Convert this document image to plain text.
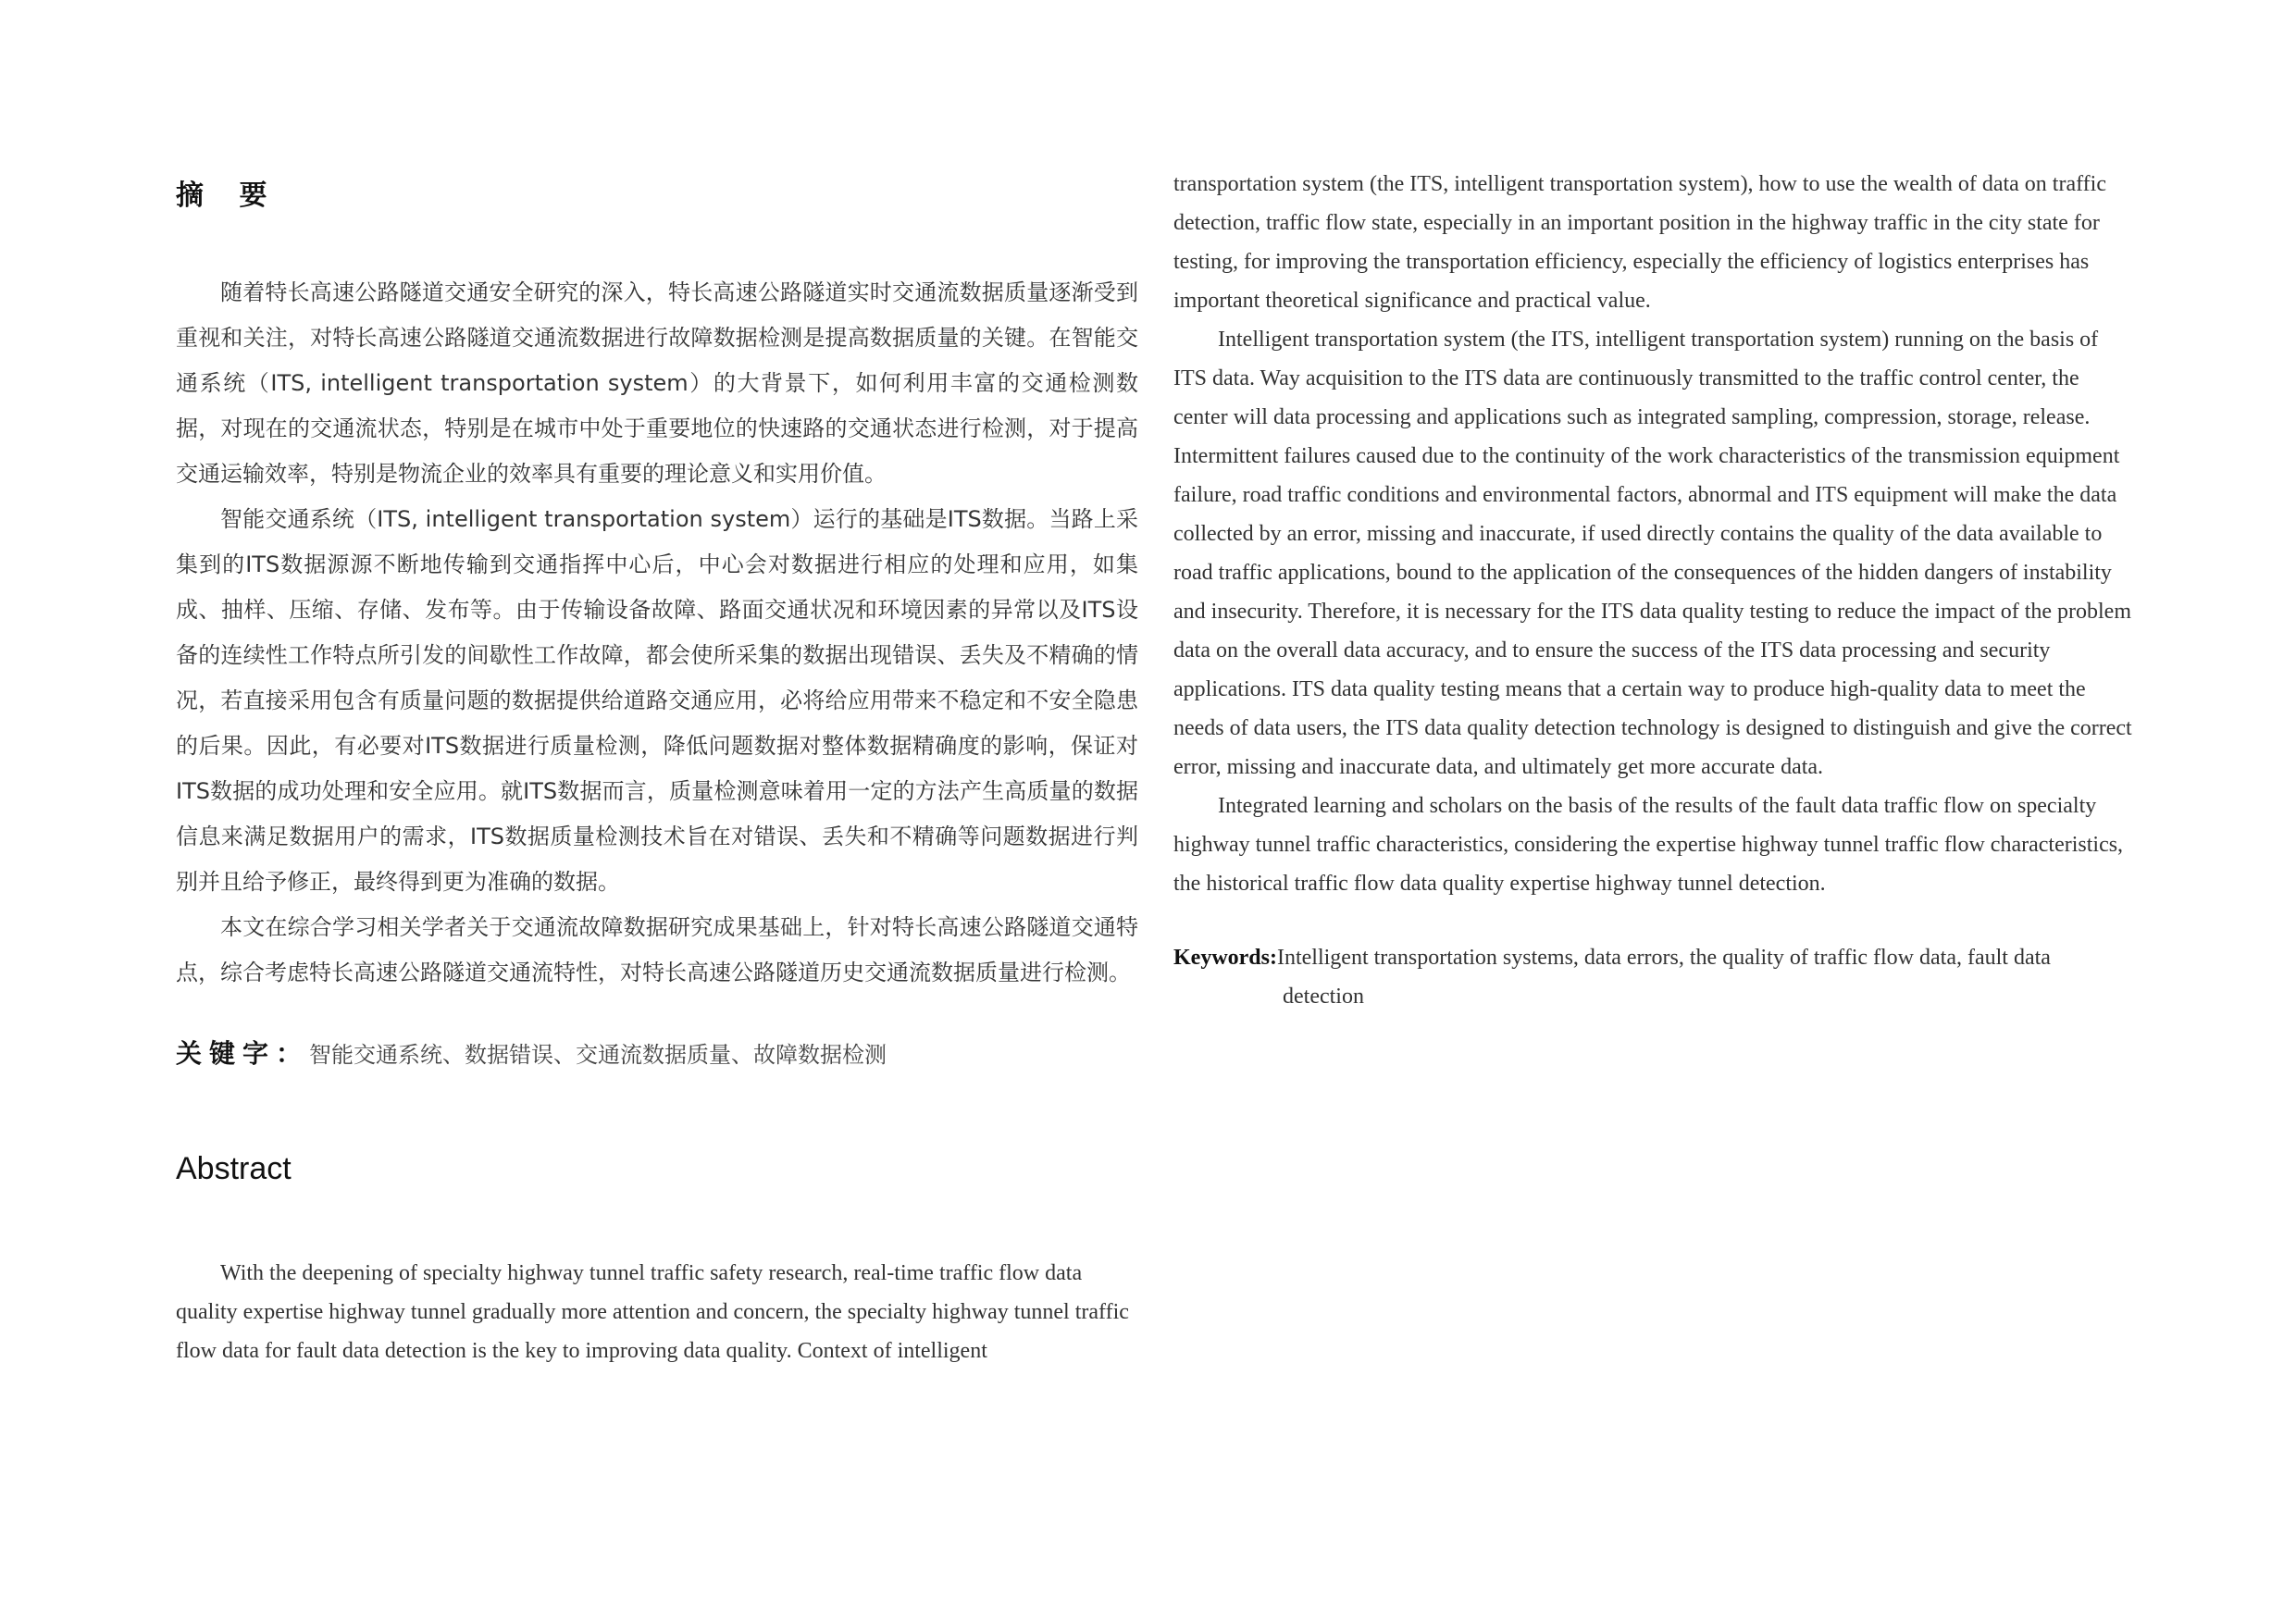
摘 要

随着特长高速公路隧道交通安全研究的深入，特长高速公路隧道实时交通流数据质量逐渐受到重视和关注，对特长高速公路隧道交通流数据进行故障数据检测是提高数据质量的关键。在智能交通系统（ITS, intelligent transportation system）的大背景下，如何利用丰富的交通检测数据，对现在的交通流状态，特别是在城市中处于重要地位的快速路的交通状态进行检测，对于提高交通运输效率，特别是物流企业的效率具有重要的理论意义和实用价值。

智能交通系统（ITS, intelligent transportation system）运行的基础是ITS数据。当路上采集到的ITS数据源源不断地传输到交通指挥中心后，中心会对数据进行相应的处理和应用，如集成、抽样、压缩、存储、发布等。由于传输设备故障、路面交通状况和环境因素的异常以及ITS设备的连续性工作特点所引发的间歇性工作故障，都会使所采集的数据出现错误、丢失及不精确的情况，若直接采用包含有质量问题的数据提供给道路交通应用，必将给应用带来不稳定和不安全隐患的后果。因此，有必要对ITS数据进行质量检测，降低问题数据对整体数据精确度的影响，保证对ITS数据的成功处理和安全应用。就ITS数据而言，质量检测意味着用一定的方法产生高质量的数据信息来满足数据用户的需求，ITS数据质量检测技术旨在对错误、丢失和不精确等问题数据进行判别并且给予修正，最终得到更为准确的数据。

本文在综合学习相关学者关于交通流故障数据研究成果基础上，针对特长高速公路隧道交通特点，综合考虑特长高速公路隧道交通流特性，对特长高速公路隧道历史交通流数据质量进行检测。

关键字：智能交通系统、数据错误、交通流数据质量、故障数据检测
Abstract

With the deepening of specialty highway tunnel traffic safety research, real-time traffic flow data quality expertise highway tunnel gradually more attention and concern, the specialty highway tunnel traffic flow data for fault data detection is the key to improving data quality. Context of intelligent

transportation system (the ITS, intelligent transportation system), how to use the wealth of data on traffic detection, traffic flow state, especially in an important position in the highway traffic in the city state for testing, for improving the transportation efficiency, especially the efficiency of logistics enterprises has important theoretical significance and practical value.

Intelligent transportation system (the ITS, intelligent transportation system) running on the basis of ITS data. Way acquisition to the ITS data are continuously transmitted to the traffic control center, the center will data processing and applications such as integrated sampling, compression, storage, release. Intermittent failures caused due to the continuity of the work characteristics of the transmission equipment failure, road traffic conditions and environmental factors, abnormal and ITS equipment will make the data collected by an error, missing and inaccurate, if used directly contains the quality of the data available to road traffic applications, bound to the application of the consequences of the hidden dangers of instability and insecurity. Therefore, it is necessary for the ITS data quality testing to reduce the impact of the problem data on the overall data accuracy, and to ensure the success of the ITS data processing and security applications. ITS data quality testing means that a certain way to produce high-quality data to meet the needs of data users, the ITS data quality detection technology is designed to distinguish and give the correct error, missing and inaccurate data, and ultimately get more accurate data.

Integrated learning and scholars on the basis of the results of the fault data traffic flow on specialty highway tunnel traffic characteristics, considering the expertise highway tunnel traffic flow characteristics, the historical traffic flow data quality expertise highway tunnel detection.

Keywords:Intelligent transportation systems, data errors, the quality of traffic flow data, fault data detection
